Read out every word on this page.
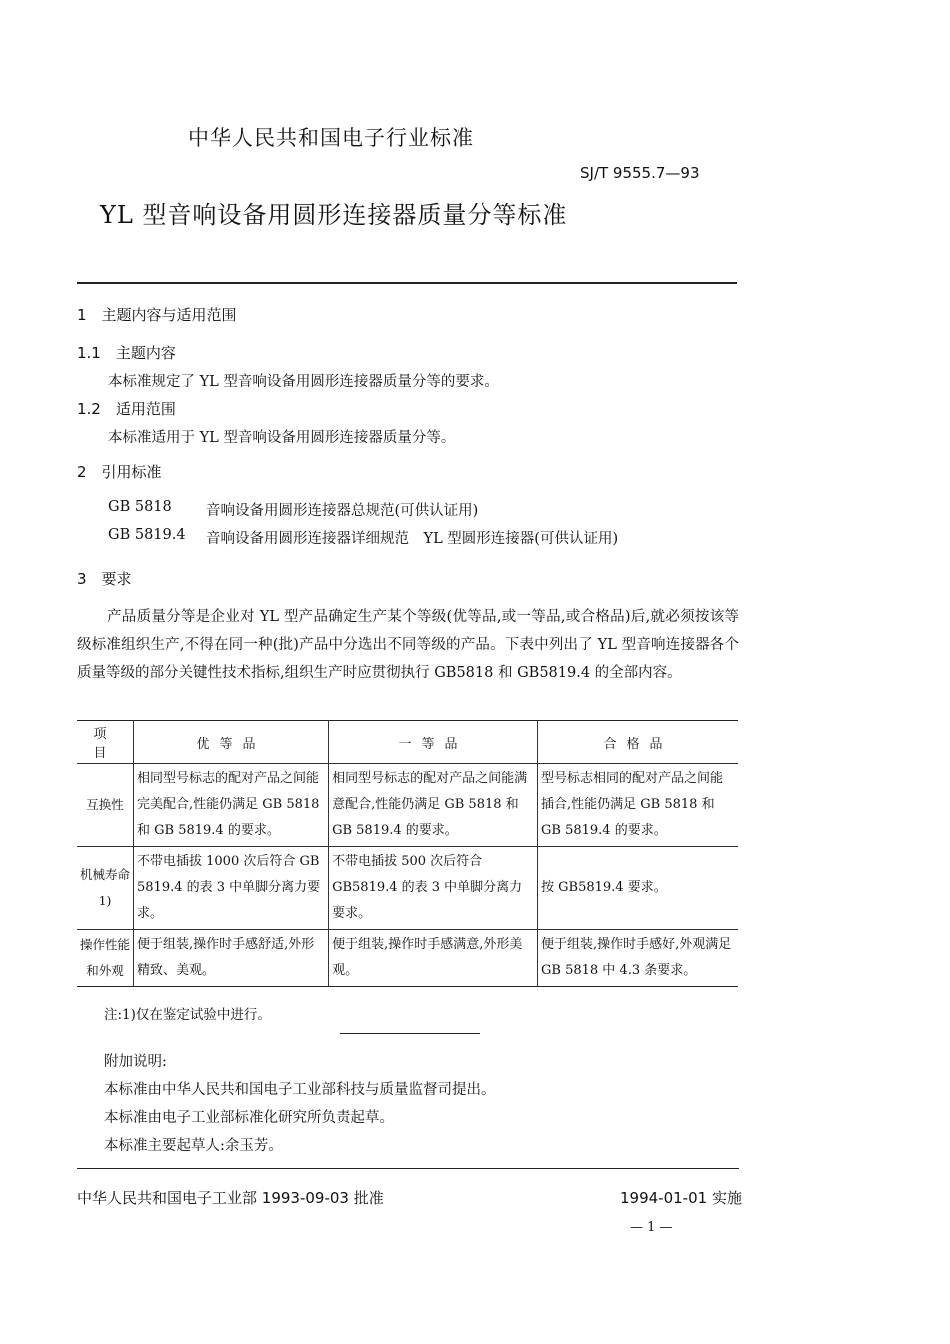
中华人民共和国电子行业标准
SJ/T 9555.7—93
YL 型音响设备用圆形连接器质量分等标准
1　主题内容与适用范围
1.1　主题内容
本标准规定了 YL 型音响设备用圆形连接器质量分等的要求。
1.2　适用范围
本标准适用于 YL 型音响设备用圆形连接器质量分等。
2　引用标准
GB 5818 音响设备用圆形连接器总规范(可供认证用)
GB 5819.4 音响设备用圆形连接器详细规范　YL 型圆形连接器(可供认证用)
3　要求
产品质量分等是企业对 YL 型产品确定生产某个等级(优等品,或一等品,或合格品)后,就必须按该等级标准组织生产,不得在同一种(批)产品中分选出不同等级的产品。下表中列出了 YL 型音响连接器各个质量等级的部分关键性技术指标,组织生产时应贯彻执行 GB5818 和 GB5819.4 的全部内容。
项　目	优等品	一等品	合格品
互换性	相同型号标志的配对产品之间能完美配合,性能仍满足 GB 5818 和 GB 5819.4 的要求。	相同型号标志的配对产品之间能满意配合,性能仍满足 GB 5818 和 GB 5819.4 的要求。	型号标志相同的配对产品之间能插合,性能仍满足 GB 5818 和 GB 5819.4 的要求。
机械寿命1)	不带电插拔 1000 次后符合 GB 5819.4 的表 3 中单脚分离力要求。	不带电插拔 500 次后符合 GB5819.4 的表 3 中单脚分离力要求。	按 GB5819.4 要求。
操作性能和外观	便于组装,操作时手感舒适,外形精致、美观。	便于组装,操作时手感满意,外形美观。	便于组装,操作时手感好,外观满足 GB 5818 中 4.3 条要求。
注:1)仅在鉴定试验中进行。
附加说明:
本标准由中华人民共和国电子工业部科技与质量监督司提出。
本标准由电子工业部标准化研究所负责起草。
本标准主要起草人:余玉芳。
中华人民共和国电子工业部 1993-09-03 批准	1994-01-01 实施
— 1 —
